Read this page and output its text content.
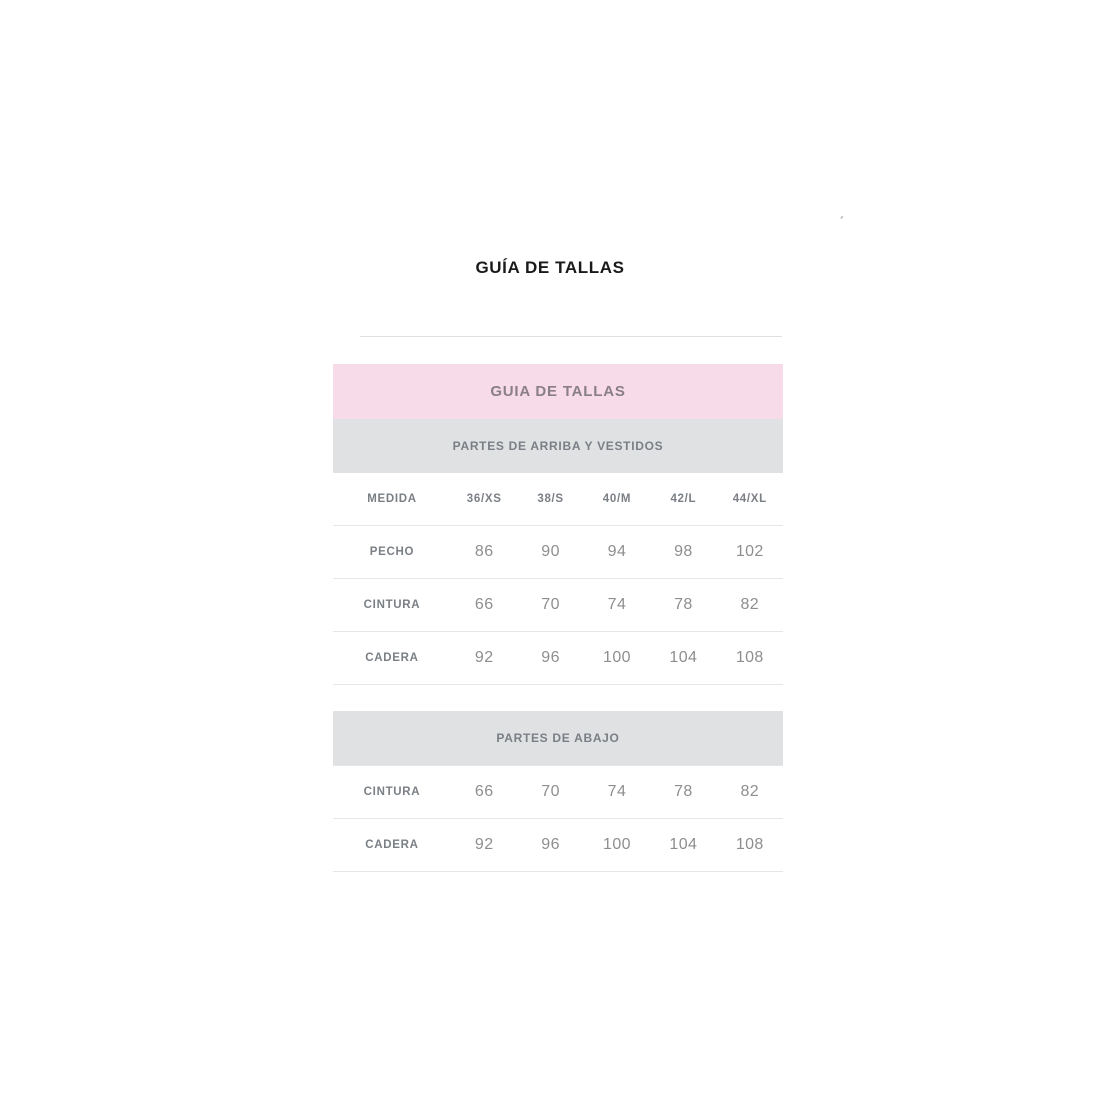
´
GUÍA DE TALLAS
GUIA DE TALLAS					
PARTES DE ARRIBA Y VESTIDOS					
MEDIDA	36/XS	38/S	40/M	42/L	44/XL
PECHO	86	90	94	98	102
CINTURA	66	70	74	78	82
CADERA	92	96	100	104	108

PARTES DE ABAJO					
CINTURA	66	70	74	78	82
CADERA	92	96	100	104	108
